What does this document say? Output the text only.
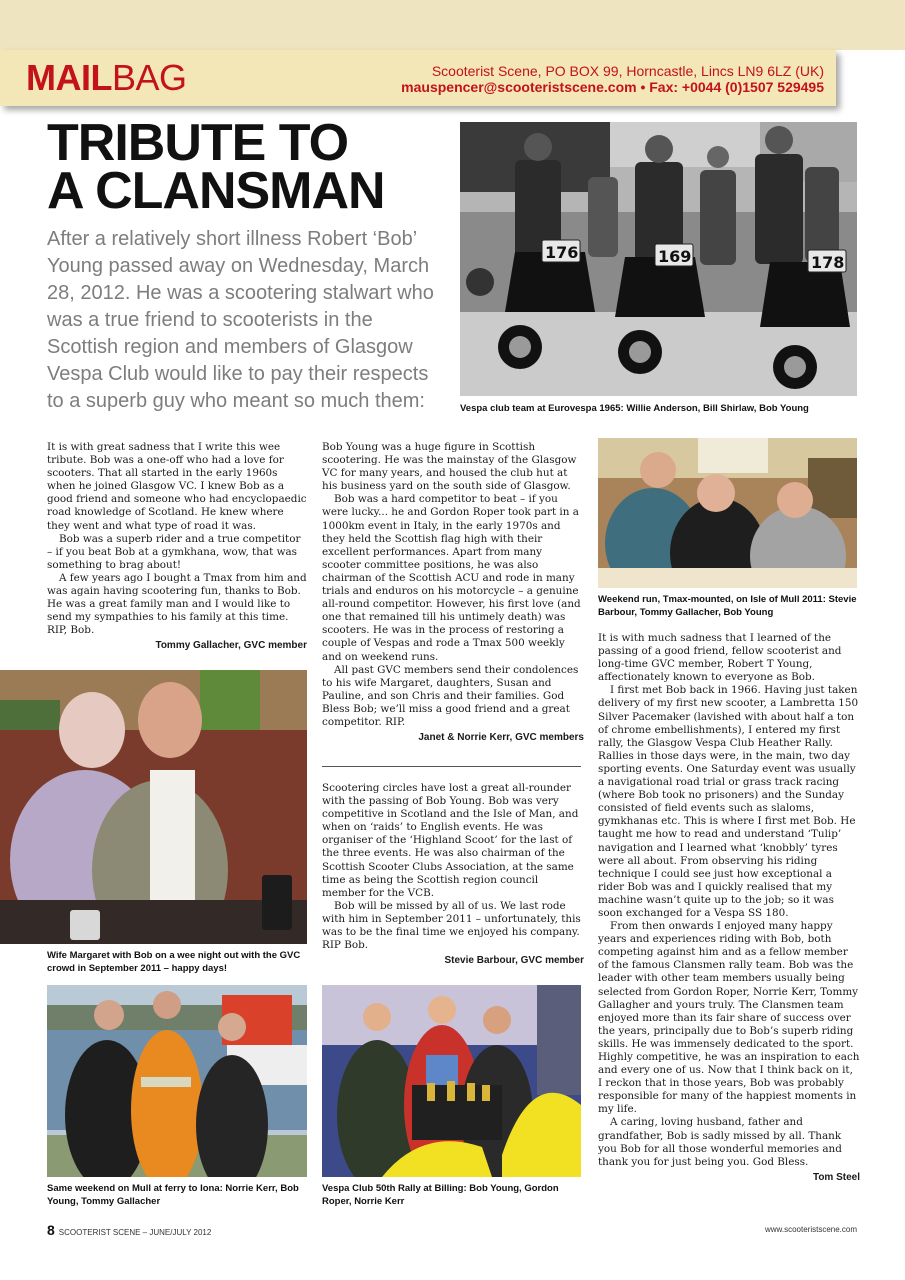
MAILBAG	Scooterist Scene, PO BOX 99, Horncastle, Lincs LN9 6LZ (UK)
mauspencer@scooteristscene.com • Fax: +0044 (0)1507 529495
TRIBUTE TO
A CLANSMAN

After a relatively short illness Robert ‘Bob’ Young passed away on Wednesday, March 28, 2012. He was a scootering stalwart who was a true friend to scooterists in the Scottish region and members of Glasgow Vespa Club would like to pay their respects to a superb guy who meant so much them:

176	169	178

Vespa club team at Eurovespa 1965: Willie Anderson, Bill Shirlaw, Bob Young

It is with great sadness that I write this wee tribute. Bob was a one-off who had a love for scooters. That all started in the early 1960s when he joined Glasgow VC. I knew Bob as a good friend and someone who had encyclopaedic road knowledge of Scotland. He knew where they went and what type of road it was.

Bob was a superb rider and a true competitor – if you beat Bob at a gymkhana, wow, that was something to brag about!

A few years ago I bought a Tmax from him and was again having scootering fun, thanks to Bob. He was a great family man and I would like to send my sympathies to his family at this time. RIP, Bob.

Tommy Gallacher, GVC member

Wife Margaret with Bob on a wee night out with the GVC crowd in September 2011 – happy days!

Same weekend on Mull at ferry to Iona: Norrie Kerr, Bob Young, Tommy Gallacher

Bob Young was a huge figure in Scottish scootering. He was the mainstay of the Glasgow VC for many years, and housed the club hut at his business yard on the south side of Glasgow.

Bob was a hard competitor to beat – if you were lucky... he and Gordon Roper took part in a 1000km event in Italy, in the early 1970s and they held the Scottish flag high with their excellent performances. Apart from many scooter committee positions, he was also chairman of the Scottish ACU and rode in many trials and enduros on his motorcycle – a genuine all-round competitor. However, his first love (and one that remained till his untimely death) was scooters. He was in the process of restoring a couple of Vespas and rode a Tmax 500 weekly and on weekend runs.

All past GVC members send their condolences to his wife Margaret, daughters, Susan and Pauline, and son Chris and their families. God Bless Bob; we’ll miss a good friend and a great competitor. RIP.

Janet & Norrie Kerr, GVC members

Scootering circles have lost a great all-rounder with the passing of Bob Young. Bob was very competitive in Scotland and the Isle of Man, and when on ‘raids’ to English events. He was organiser of the ‘Highland Scoot’ for the last of the three events. He was also chairman of the Scottish Scooter Clubs Association, at the same time as being the Scottish region council member for the VCB.

Bob will be missed by all of us. We last rode with him in September 2011 – unfortunately, this was to be the final time we enjoyed his company. RIP Bob.

Stevie Barbour, GVC member

Vespa Club 50th Rally at Billing: Bob Young, Gordon Roper, Norrie Kerr

Weekend run, Tmax-mounted, on Isle of Mull 2011: Stevie Barbour, Tommy Gallacher, Bob Young

It is with much sadness that I learned of the passing of a good friend, fellow scooterist and long-time GVC member, Robert T Young, affectionately known to everyone as Bob.

I first met Bob back in 1966. Having just taken delivery of my first new scooter, a Lambretta 150 Silver Pacemaker (lavished with about half a ton of chrome embellishments), I entered my first rally, the Glasgow Vespa Club Heather Rally. Rallies in those days were, in the main, two day sporting events. One Saturday event was usually a navigational road trial or grass track racing (where Bob took no prisoners) and the Sunday consisted of field events such as slaloms, gymkhanas etc. This is where I first met Bob. He taught me how to read and understand ‘Tulip’ navigation and I learned what ‘knobbly’ tyres were all about. From observing his riding technique I could see just how exceptional a rider Bob was and I quickly realised that my machine wasn’t quite up to the job; so it was soon exchanged for a Vespa SS 180.

From then onwards I enjoyed many happy years and experiences riding with Bob, both competing against him and as a fellow member of the famous Clansmen rally team. Bob was the leader with other team members usually being selected from Gordon Roper, Norrie Kerr, Tommy Gallagher and yours truly. The Clansmen team enjoyed more than its fair share of success over the years, principally due to Bob’s superb riding skills. He was immensely dedicated to the sport. Highly competitive, he was an inspiration to each and every one of us. Now that I think back on it, I reckon that in those years, Bob was probably responsible for many of the happiest moments in my life.

A caring, loving husband, father and grandfather, Bob is sadly missed by all. Thank you Bob for all those wonderful memories and thank you for just being you. God Bless.

Tom Steel

8 SCOOTERIST SCENE – JUNE/JULY 2012	www.scooteristscene.com
